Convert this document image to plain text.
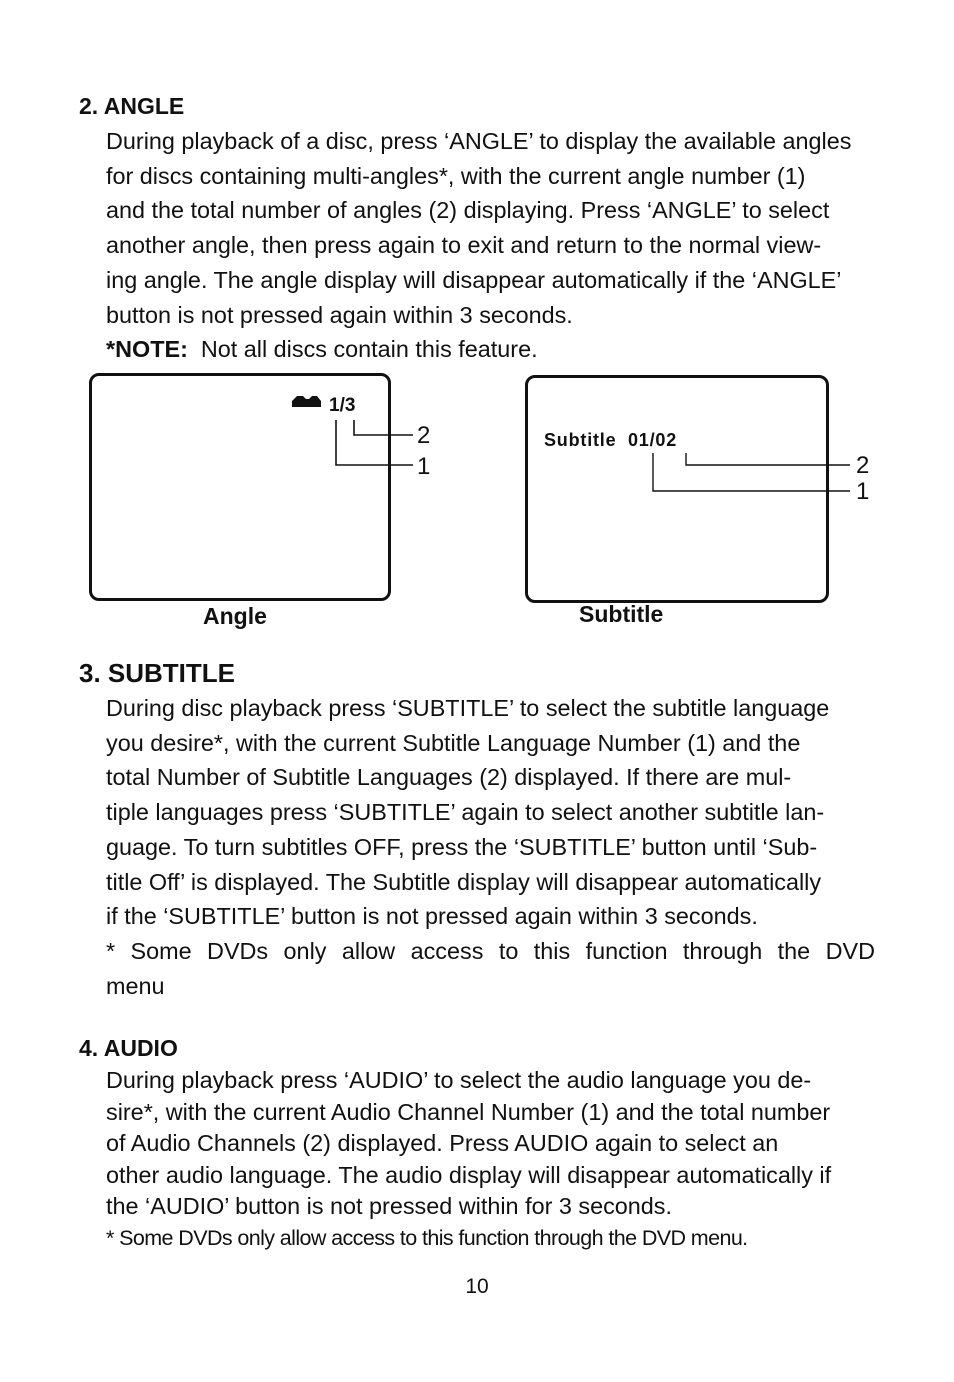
2. ANGLE
During playback of a disc, press ‘ANGLE’ to display the available angles
for discs containing multi-angles*, with the current angle number (1)
and the total number of angles (2) displaying. Press ‘ANGLE’ to select
another angle, then press again to exit and return to the normal view-
ing angle. The angle display will disappear automatically if the ‘ANGLE’
button is not pressed again within 3 seconds.

*NOTE: Not all discs contain this feature.

1/3
2
1
Subtitle  01/02
2
1

Angle	Subtitle

3. SUBTITLE
During disc playback press ‘SUBTITLE’ to select the subtitle language
you desire*, with the current Subtitle Language Number (1) and the
total Number of Subtitle Languages (2) displayed. If there are mul-
tiple languages press ‘SUBTITLE’ again to select another subtitle lan-
guage. To turn subtitles OFF, press the ‘SUBTITLE’ button until ‘Sub-
title Off’ is displayed. The Subtitle display will disappear automatically
if the ‘SUBTITLE’ button is not pressed again within 3 seconds.
* Some DVDs only allow access to this function through the DVD
menu
4. AUDIO
During playback press ‘AUDIO’ to select the audio language you de-
sire*, with the current Audio Channel Number (1) and the total number
of Audio Channels (2) displayed. Press AUDIO again to select an
other audio language. The audio display will disappear automatically if
the ‘AUDIO’ button is not pressed within for 3 seconds.

* Some DVDs only allow access to this function through the DVD menu.

10
